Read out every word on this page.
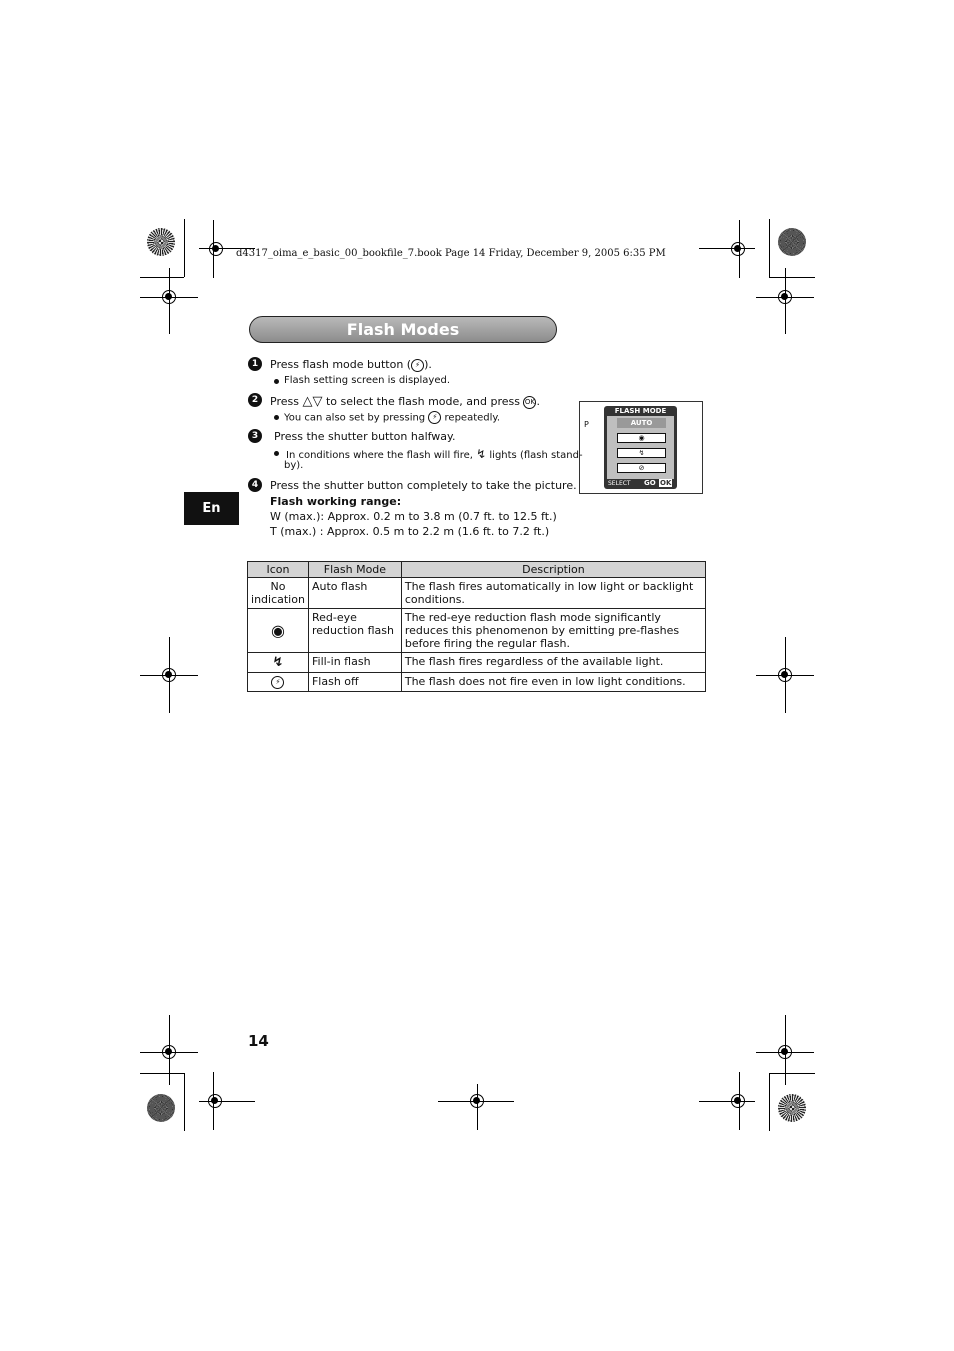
d4317_oima_e_basic_00_bookfile_7.book Page 14 Friday, December 9, 2005 6:35 PM
Flash Modes
En
1	Press flash mode button ( ⚡ ).
Flash setting screen is displayed.
2	Press △▽ to select the flash mode, and press OK.
You can also set by pressing ⚡ repeatedly.
3	Press the shutter button halfway.
In conditions where the flash will fire, ↯ lights (flash stand-
by).
4	Press the shutter button completely to take the picture.
Flash working range:
W (max.): Approx. 0.2 m to 3.8 m (0.7 ft. to 12.5 ft.)
T (max.) : Approx. 0.5 m to 2.2 m (1.6 ft. to 7.2 ft.)
P
FLASH MODE
AUTO
◉
↯
⊘
SELECT GO OK
Icon	Flash Mode	Description
No indication	Auto flash	The flash fires automatically in low light or backlight conditions.
◉	Red-eye reduction flash	The red-eye reduction flash mode significantly reduces this phenomenon by emitting pre-flashes before firing the regular flash.
↯	Fill-in flash	The flash fires regardless of the available light.
⚡	Flash off	The flash does not fire even in low light conditions.
14
